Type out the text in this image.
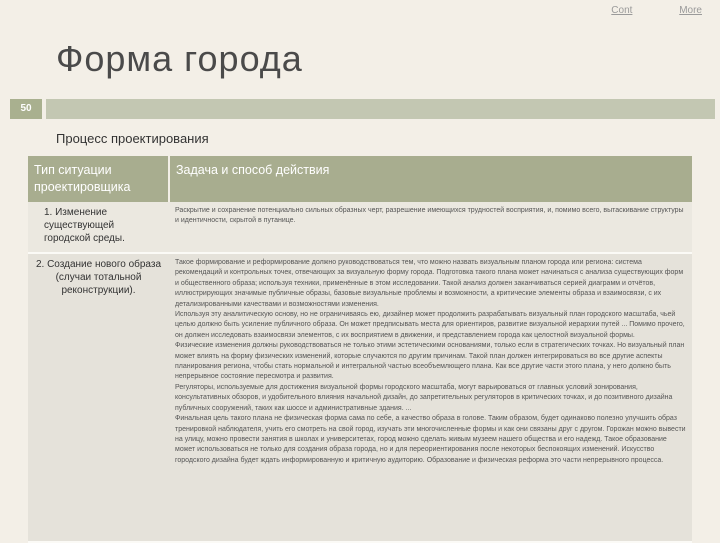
Cont	More
Форма города
50
Процесс проектирования
Тип ситуации проектировщика	Задача и способ действия

1. Изменение существующей городской среды.	Раскрытие и сохранение потенциально сильных образных черт, разрешение имеющихся трудностей восприятия, и, помимо всего, вытаскивание структуры и идентичности, скрытой в путанице.

2. Создание нового образа (случаи тотальной реконструкции).	Такое формирование и реформирование должно руководствоваться тем, что можно назвать визуальным планом города или региона: система рекомендаций и контрольных точек, отвечающих за визуальную форму города. Подготовка такого плана может начинаться с анализа существующих форм и общественного образа; используя техники, применённые в этом исследовании. Такой анализ должен заканчиваться серией диаграмм и отчётов, иллюстрирующих значимые публичные образы, базовые визуальные проблемы и возможности, а критические элементы образа и взаимосвязи, с их детализированными качествами и возможностями изменения.

Используя эту аналитическую основу, но не ограничиваясь ею, дизайнер может продолжить разрабатывать визуальный план городского масштаба, чьей целью должно быть усиление публичного образа. Он может предписывать места для ориентиров, развитие визуальной иерархии путей ... Помимо прочего, он должен исследовать взаимосвязи элементов, с их восприятием в движении, и представлением города как целостной визуальной формы.

Физические изменения должны руководствоваться не только этими эстетическими основаниями, только если в стратегических точках. Но визуальный план может влиять на форму физических изменений, которые случаются по другим причинам. Такой план должен интегрироваться во все другие аспекты планирования региона, чтобы стать нормальной и интегральной частью всеобъемлющего плана. Как все другие части этого плана, у него должно быть непрерывное состояние пересмотра и развития.

Регуляторы, используемые для достижения визуальной формы городского масштаба, могут варьироваться от главных условий зонирования, консультативных обзоров, и удобительного влияния начальной дизайн, до запретительных регуляторов в критических точках, и до позитивного дизайна публичных сооружений, таких как шоссе и административные здания. ...

Финальная цель такого плана не физическая форма сама по себе, а качество образа в голове. Таким образом, будет одинаково полезно улучшить образ тренировкой наблюдателя, учить его смотреть на свой город, изучать эти многочисленные формы и как они связаны друг с другом. Горожан можно вывести на улицу, можно провести занятия в школах и университетах, город можно сделать живым музеем нашего общества и его надежд. Такое образование может использоваться не только для создания образа города, но и для переориентирования после некоторых беспокоящих изменений. Искусство городского дизайна будет ждать информированную и критичную аудиторию. Образование и физическая реформа это части непрерывного процесса.
